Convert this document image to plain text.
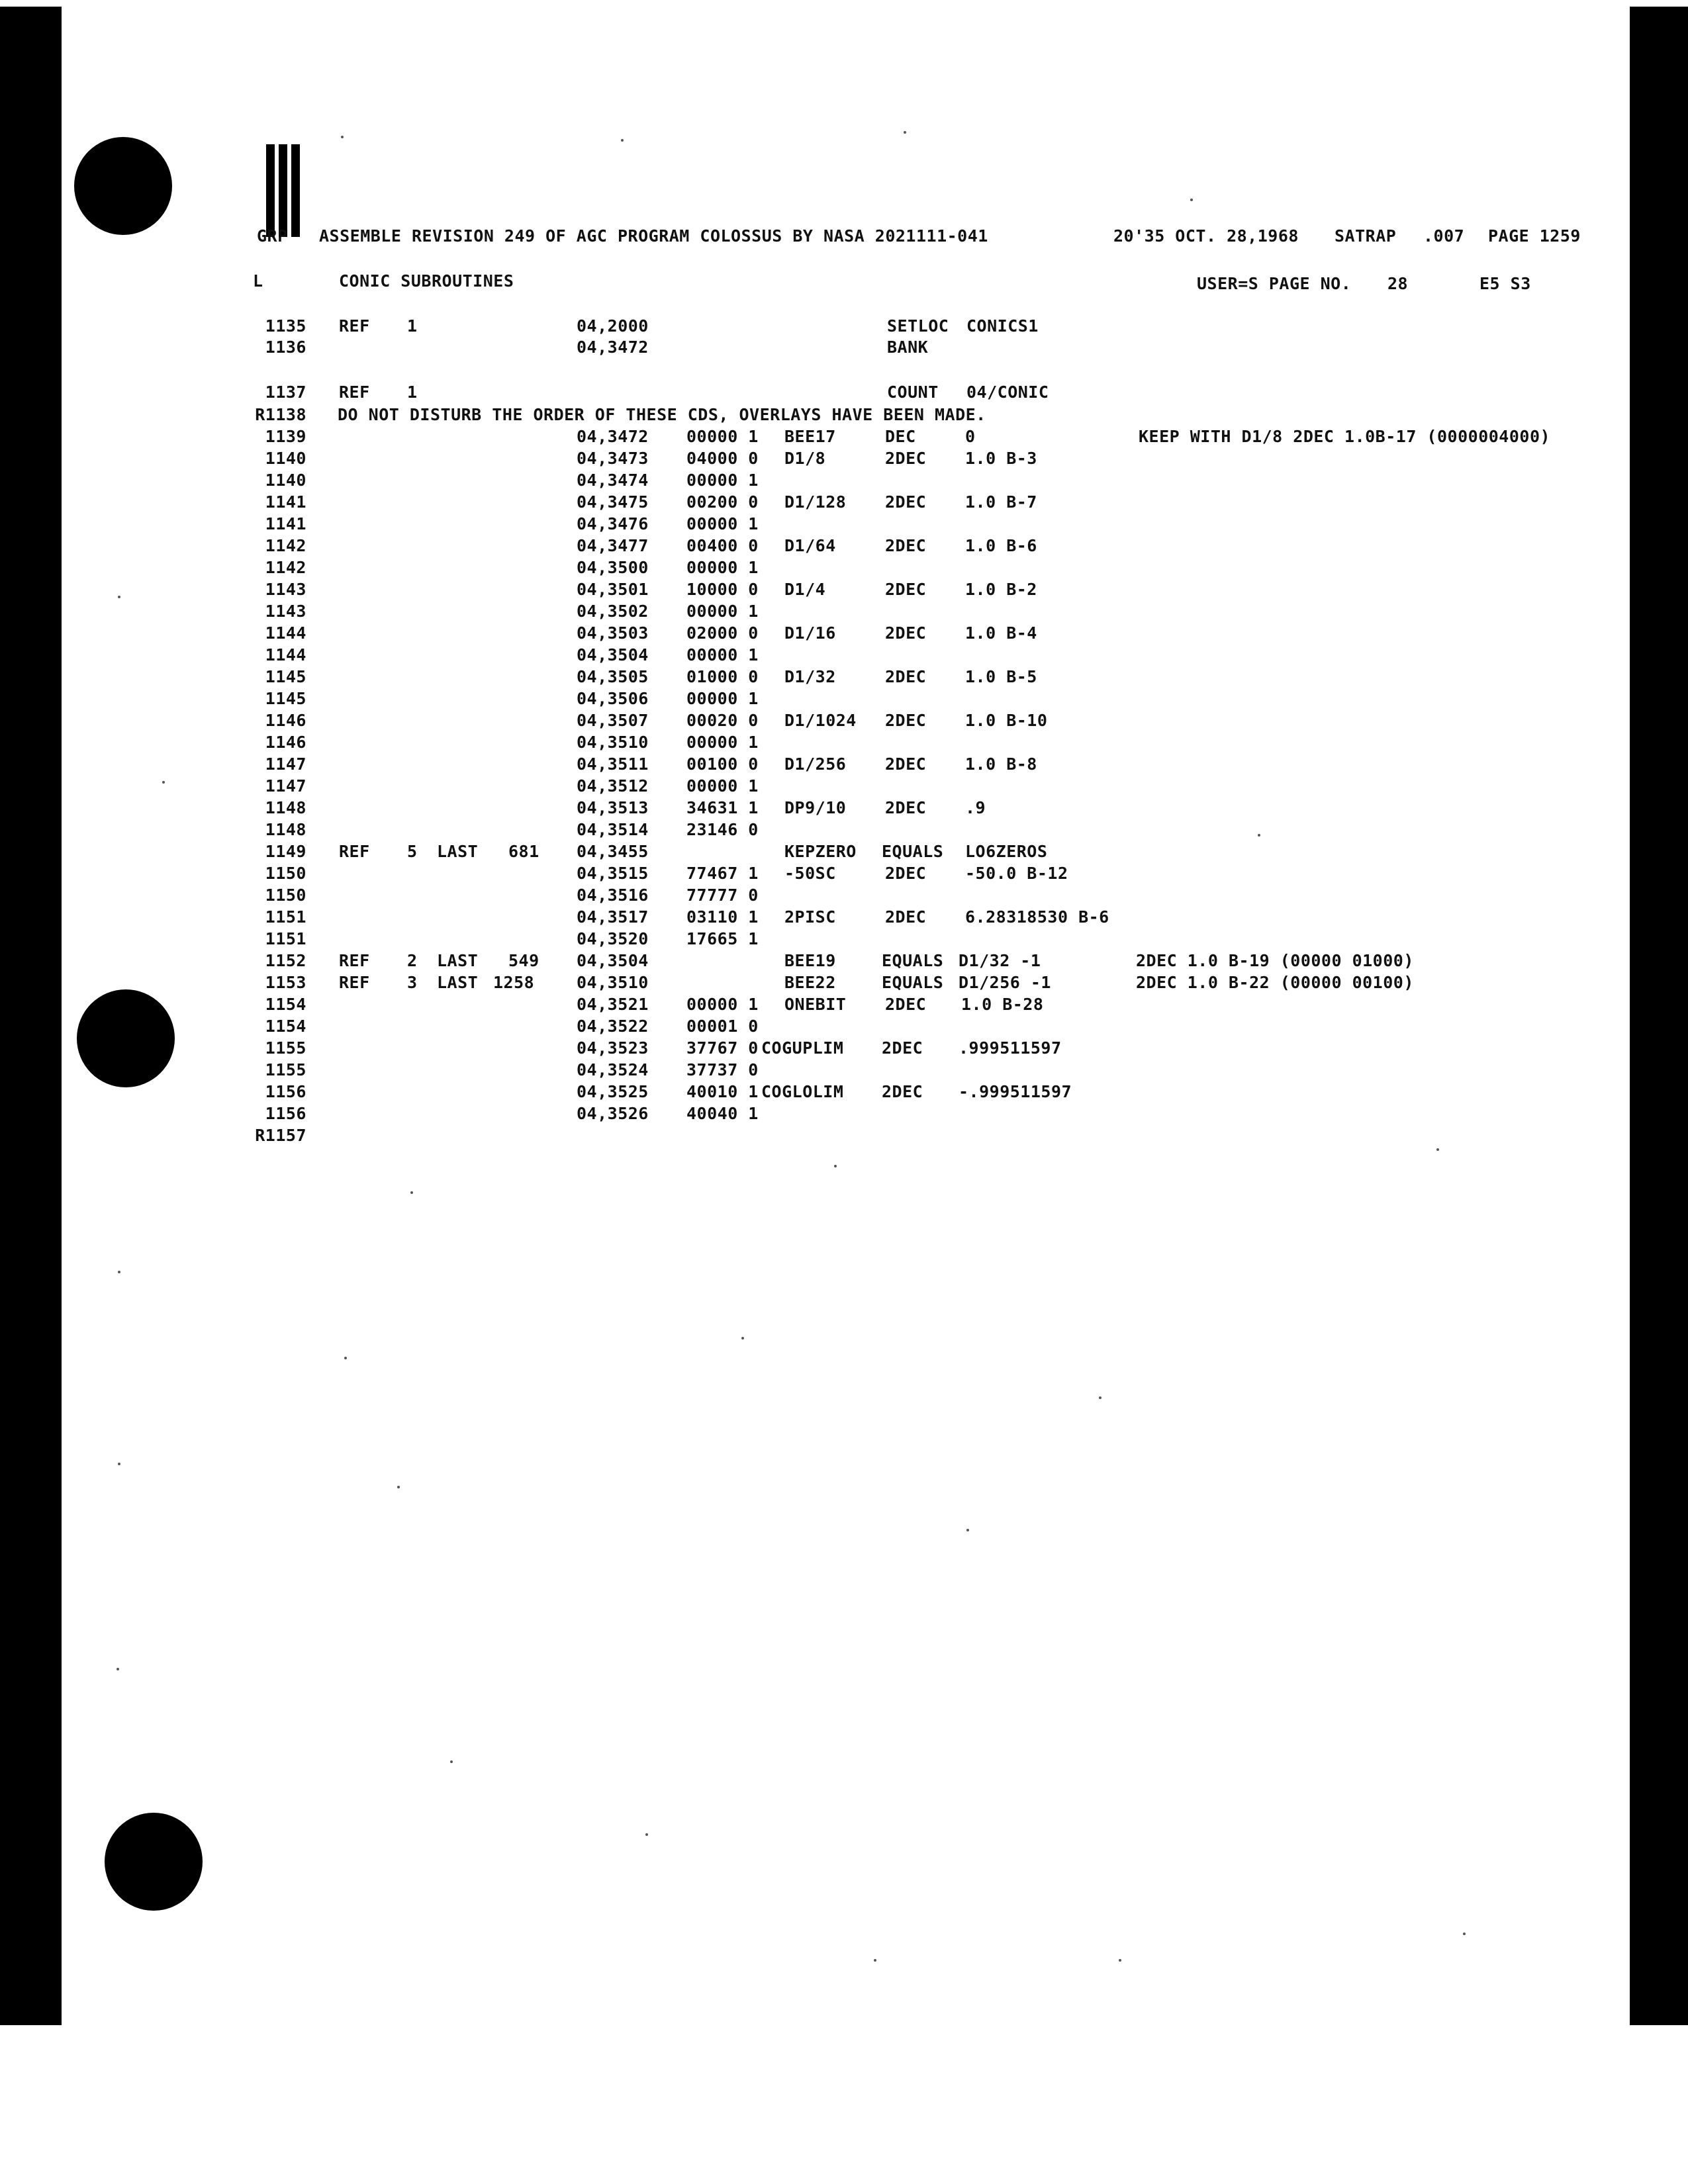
GRP ASSEMBLE REVISION 249 OF AGC PROGRAM COLOSSUS BY NASA 2021111-041	20'35 OCT. 28,1968 SATRAP .007 PAGE 1259
L	CONIC SUBROUTINES	USER=S PAGE NO. 28	E5 S3
1135 REF 1	04,2000	SETLOC CONICS1
1136	04,3472	BANK
1137 REF 1	COUNT 04/CONIC
R1138 DO NOT DISTURB THE ORDER OF THESE CDS, OVERLAYS HAVE BEEN MADE.
1139	04,3472 00000 1 BEE17	DEC	0	KEEP WITH D1/8 2DEC 1.0B-17 (0000004000)
1140	04,3473 04000 0 D1/8	2DEC 1.0 B-3
1140	04,3474 00000 1
1141	04,3475 00200 0 D1/128 2DEC 1.0 B-7
1141	04,3476 00000 1
1142	04,3477 00400 0 D1/64	2DEC 1.0 B-6
1142	04,3500 00000 1
1143	04,3501 10000 0 D1/4	2DEC 1.0 B-2
1143	04,3502 00000 1
1144	04,3503 02000 0 D1/16	2DEC 1.0 B-4
1144	04,3504 00000 1
1145	04,3505 01000 0 D1/32	2DEC 1.0 B-5
1145	04,3506 00000 1
1146	04,3507 00020 0 D1/1024 2DEC 1.0 B-10
1146	04,3510 00000 1
1147	04,3511 00100 0 D1/256 2DEC 1.0 B-8
1147	04,3512 00000 1
1148	04,3513 34631 1 DP9/10 2DEC .9
1148	04,3514 23146 0
1149 REF 5 LAST 681 04,3455	KEPZERO EQUALS LO6ZEROS
1150	04,3515 77467 1 -50SC	2DEC -50.0 B-12
1150	04,3516 77777 0
1151	04,3517 03110 1 2PISC	2DEC 6.28318530 B-6
1151	04,3520 17665 1
1152 REF 2 LAST 549 04,3504	BEE19	EQUALS D1/32 -1	2DEC 1.0 B-19 (00000 01000)
1153 REF 3 LAST 1258	04,3510	BEE22	EQUALS D1/256 -1	2DEC 1.0 B-22 (00000 00100)
1154	04,3521 00000 1 ONEBIT 2DEC 1.0 B-28
1154	04,3522 00001 0
1155	04,3523 37767 0 COGUPLIM 2DEC .999511597
1155	04,3524 37737 0
1156	04,3525 40010 1 COGLOLIM 2DEC -.999511597
1156	04,3526 40040 1
R1157
